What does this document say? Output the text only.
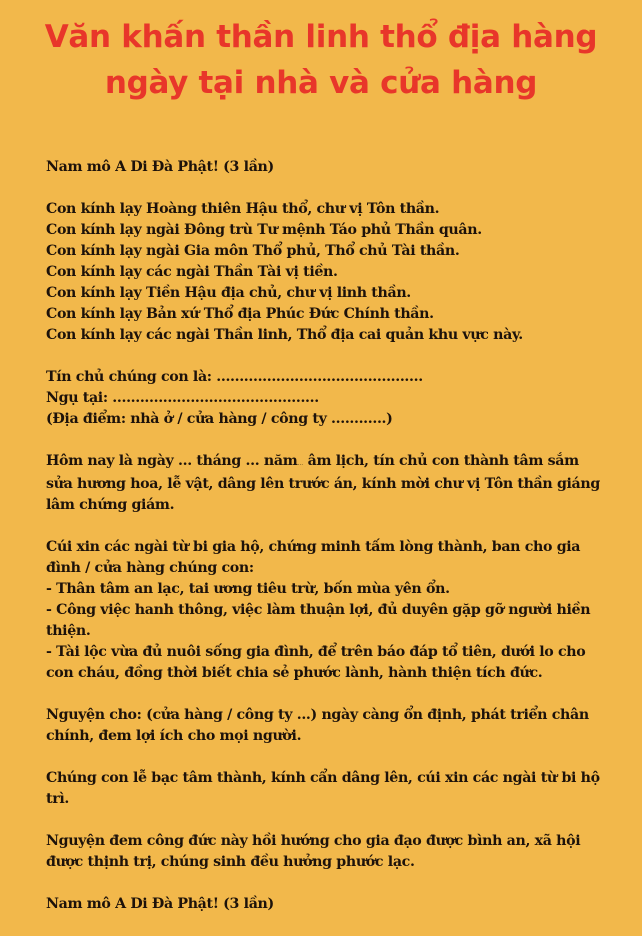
Văn khấn thần linh thổ địa hàng
ngày tại nhà và cửa hàng

Nam mô A Di Đà Phật! (3 lần)

Con kính lạy Hoàng thiên Hậu thổ, chư vị Tôn thần.
Con kính lạy ngài Đông trù Tư mệnh Táo phủ Thần quân.
Con kính lạy ngài Gia môn Thổ phủ, Thổ chủ Tài thần.
Con kính lạy các ngài Thần Tài vị tiền.
Con kính lạy Tiền Hậu địa chủ, chư vị linh thần.
Con kính lạy Bản xứ Thổ địa Phúc Đức Chính thần.
Con kính lạy các ngài Thần linh, Thổ địa cai quản khu vực này.

Tín chủ chúng con là: .............................................
Ngụ tại: .............................................
(Địa điểm: nhà ở / cửa hàng / công ty ............)

Hôm nay là ngày ... tháng ... năm... âm lịch, tín chủ con thành tâm sắm sửa hương hoa, lễ vật, dâng lên trước án, kính mời chư vị Tôn thần giáng lâm chứng giám.

Cúi xin các ngài từ bi gia hộ, chứng minh tấm lòng thành, ban cho gia đình / cửa hàng chúng con:
- Thân tâm an lạc, tai ương tiêu trừ, bốn mùa yên ổn.
- Công việc hanh thông, việc làm thuận lợi, đủ duyên gặp gỡ người hiền thiện.
- Tài lộc vừa đủ nuôi sống gia đình, để trên báo đáp tổ tiên, dưới lo cho con cháu, đồng thời biết chia sẻ phước lành, hành thiện tích đức.

Nguyện cho: (cửa hàng / công ty ...) ngày càng ổn định, phát triển chân chính, đem lợi ích cho mọi người.

Chúng con lễ bạc tâm thành, kính cẩn dâng lên, cúi xin các ngài từ bi hộ trì.

Nguyện đem công đức này hồi hướng cho gia đạo được bình an, xã hội được thịnh trị, chúng sinh đều hưởng phước lạc.

Nam mô A Di Đà Phật! (3 lần)
